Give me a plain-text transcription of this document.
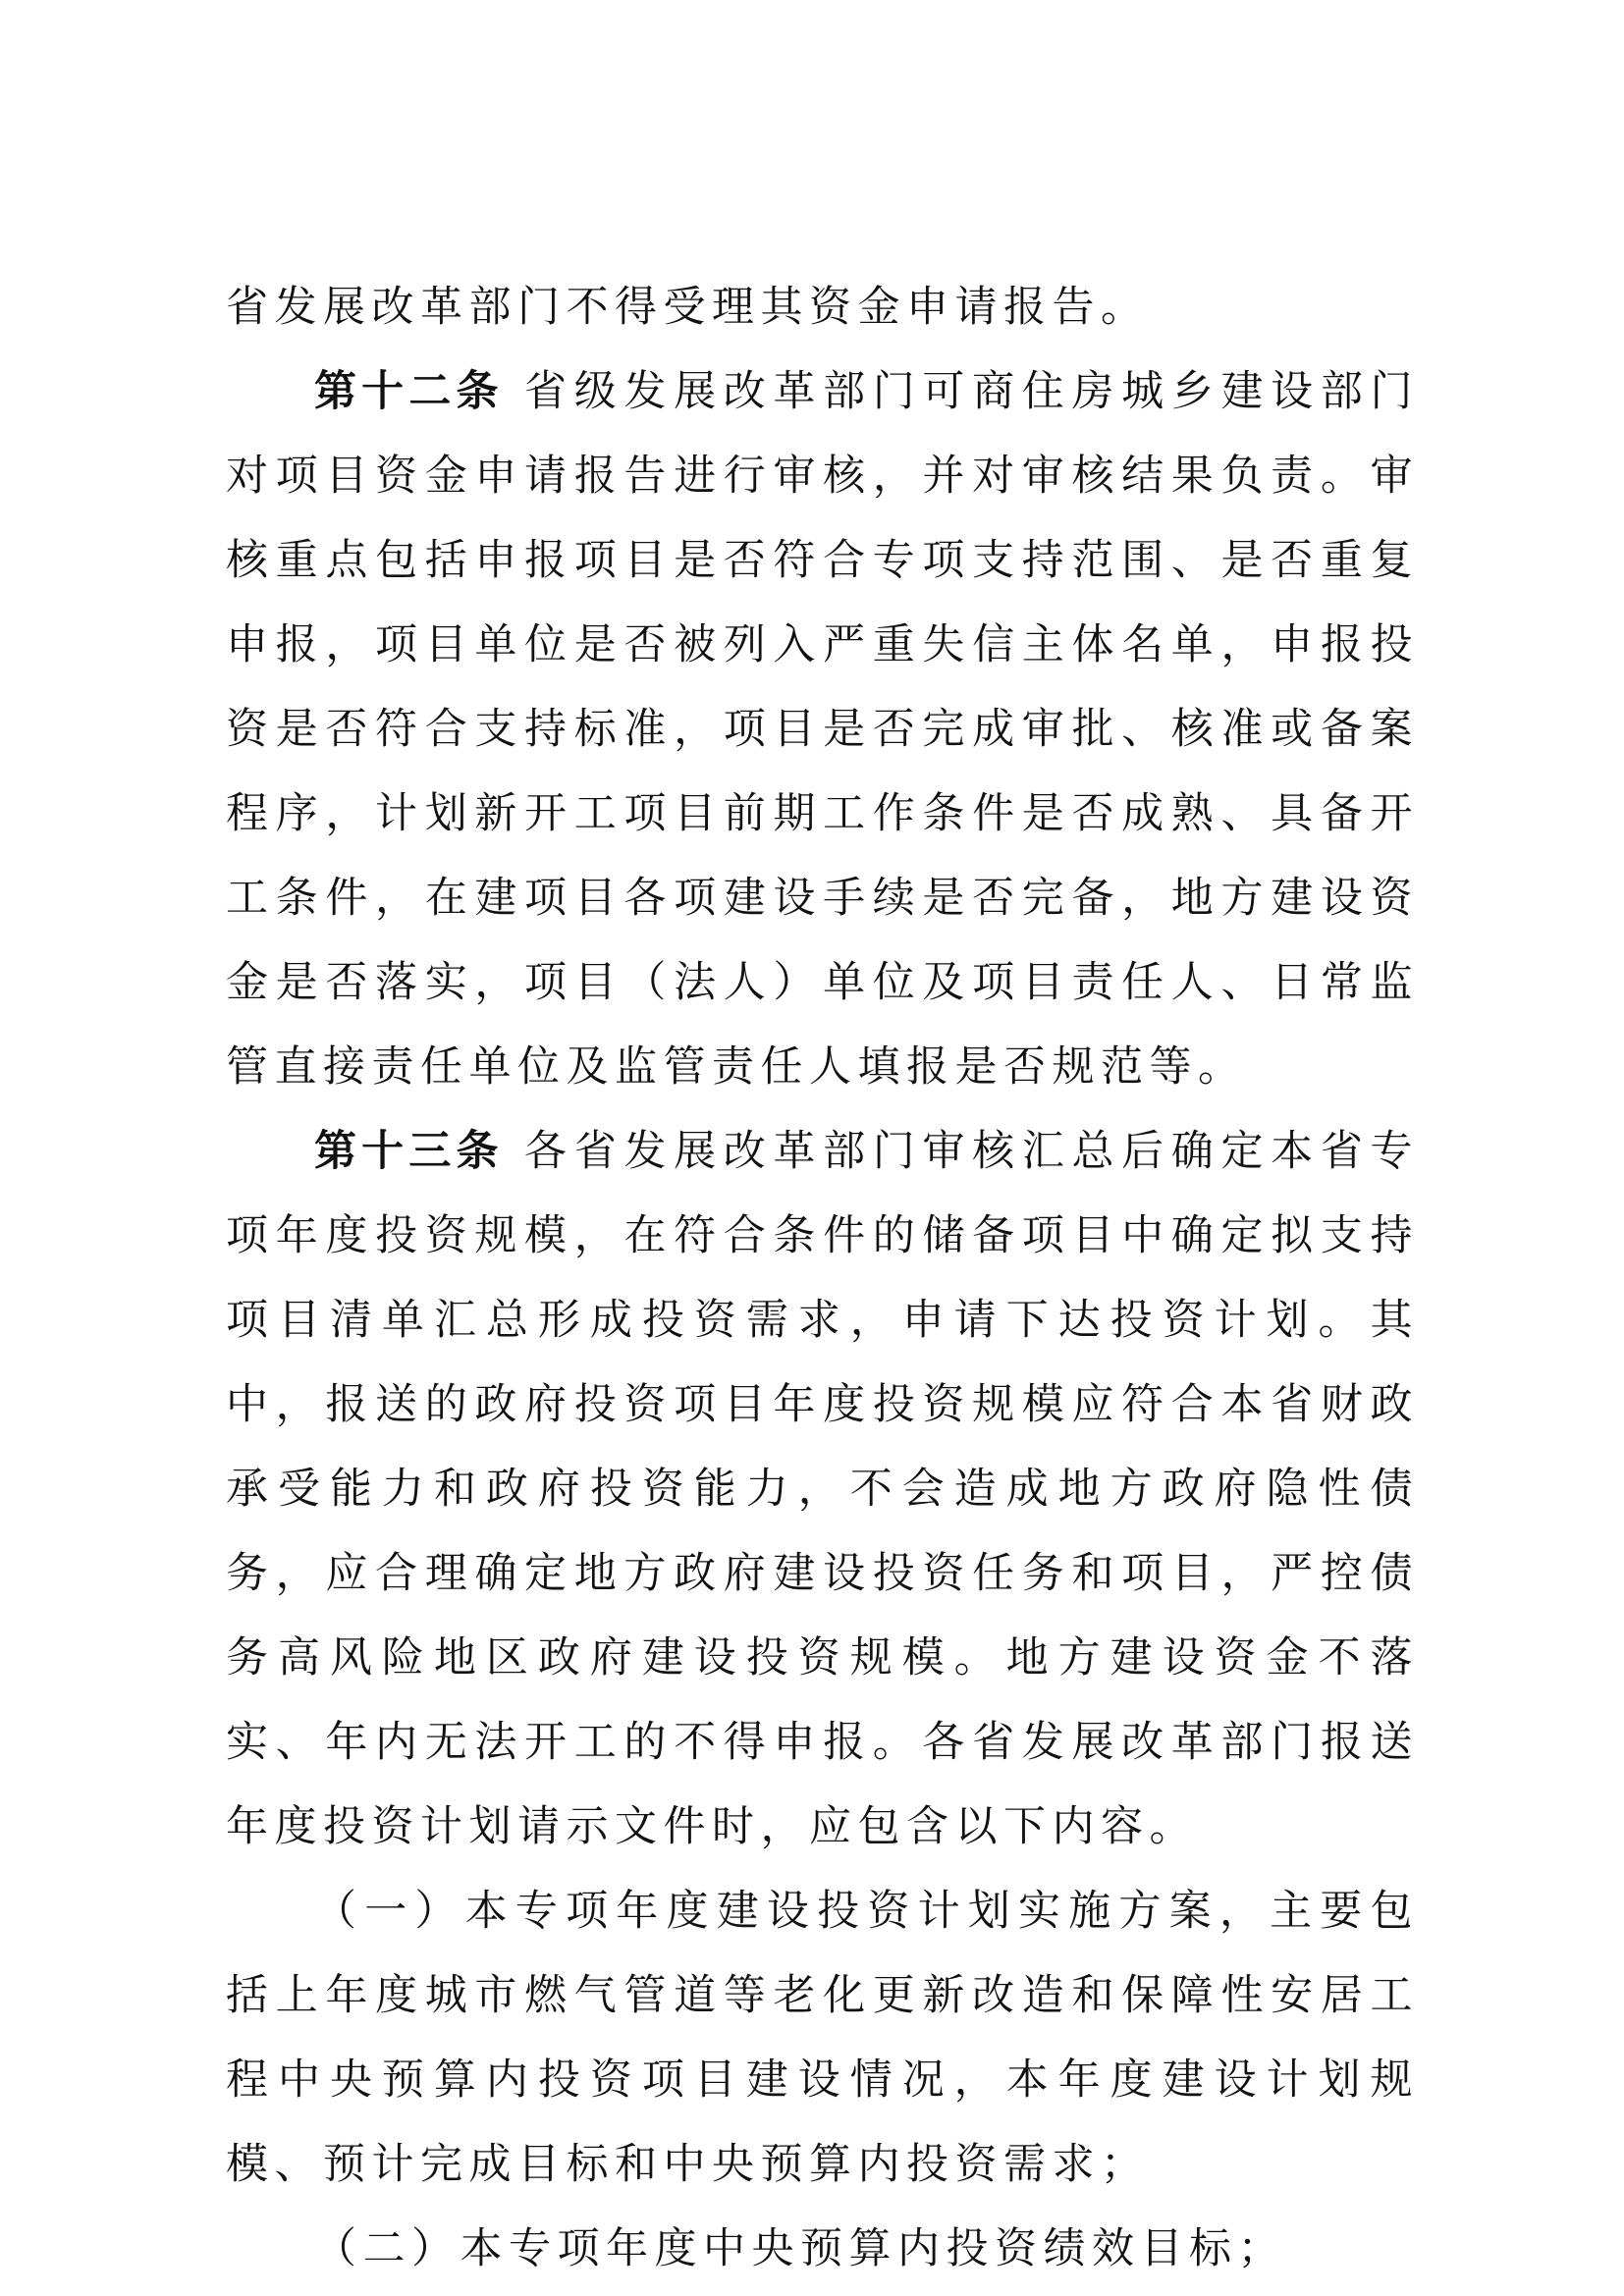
省发展改革部门不得受理其资金申请报告。

第十二条 省级发展改革部门可商住房城乡建设部门对项目资金申请报告进行审核，并对审核结果负责。审核重点包括申报项目是否符合专项支持范围、是否重复申报，项目单位是否被列入严重失信主体名单，申报投资是否符合支持标准，项目是否完成审批、核准或备案程序，计划新开工项目前期工作条件是否成熟、具备开工条件，在建项目各项建设手续是否完备，地方建设资金是否落实，项目（法人）单位及项目责任人、日常监管直接责任单位及监管责任人填报是否规范等。

第十三条 各省发展改革部门审核汇总后确定本省专项年度投资规模，在符合条件的储备项目中确定拟支持项目清单汇总形成投资需求，申请下达投资计划。其中，报送的政府投资项目年度投资规模应符合本省财政承受能力和政府投资能力，不会造成地方政府隐性债务，应合理确定地方政府建设投资任务和项目，严控债务高风险地区政府建设投资规模。地方建设资金不落实、年内无法开工的不得申报。各省发展改革部门报送年度投资计划请示文件时，应包含以下内容。

（一）本专项年度建设投资计划实施方案，主要包括上年度城市燃气管道等老化更新改造和保障性安居工程中央预算内投资项目建设情况，本年度建设计划规模、预计完成目标和中央预算内投资需求；

（二）本专项年度中央预算内投资绩效目标；
